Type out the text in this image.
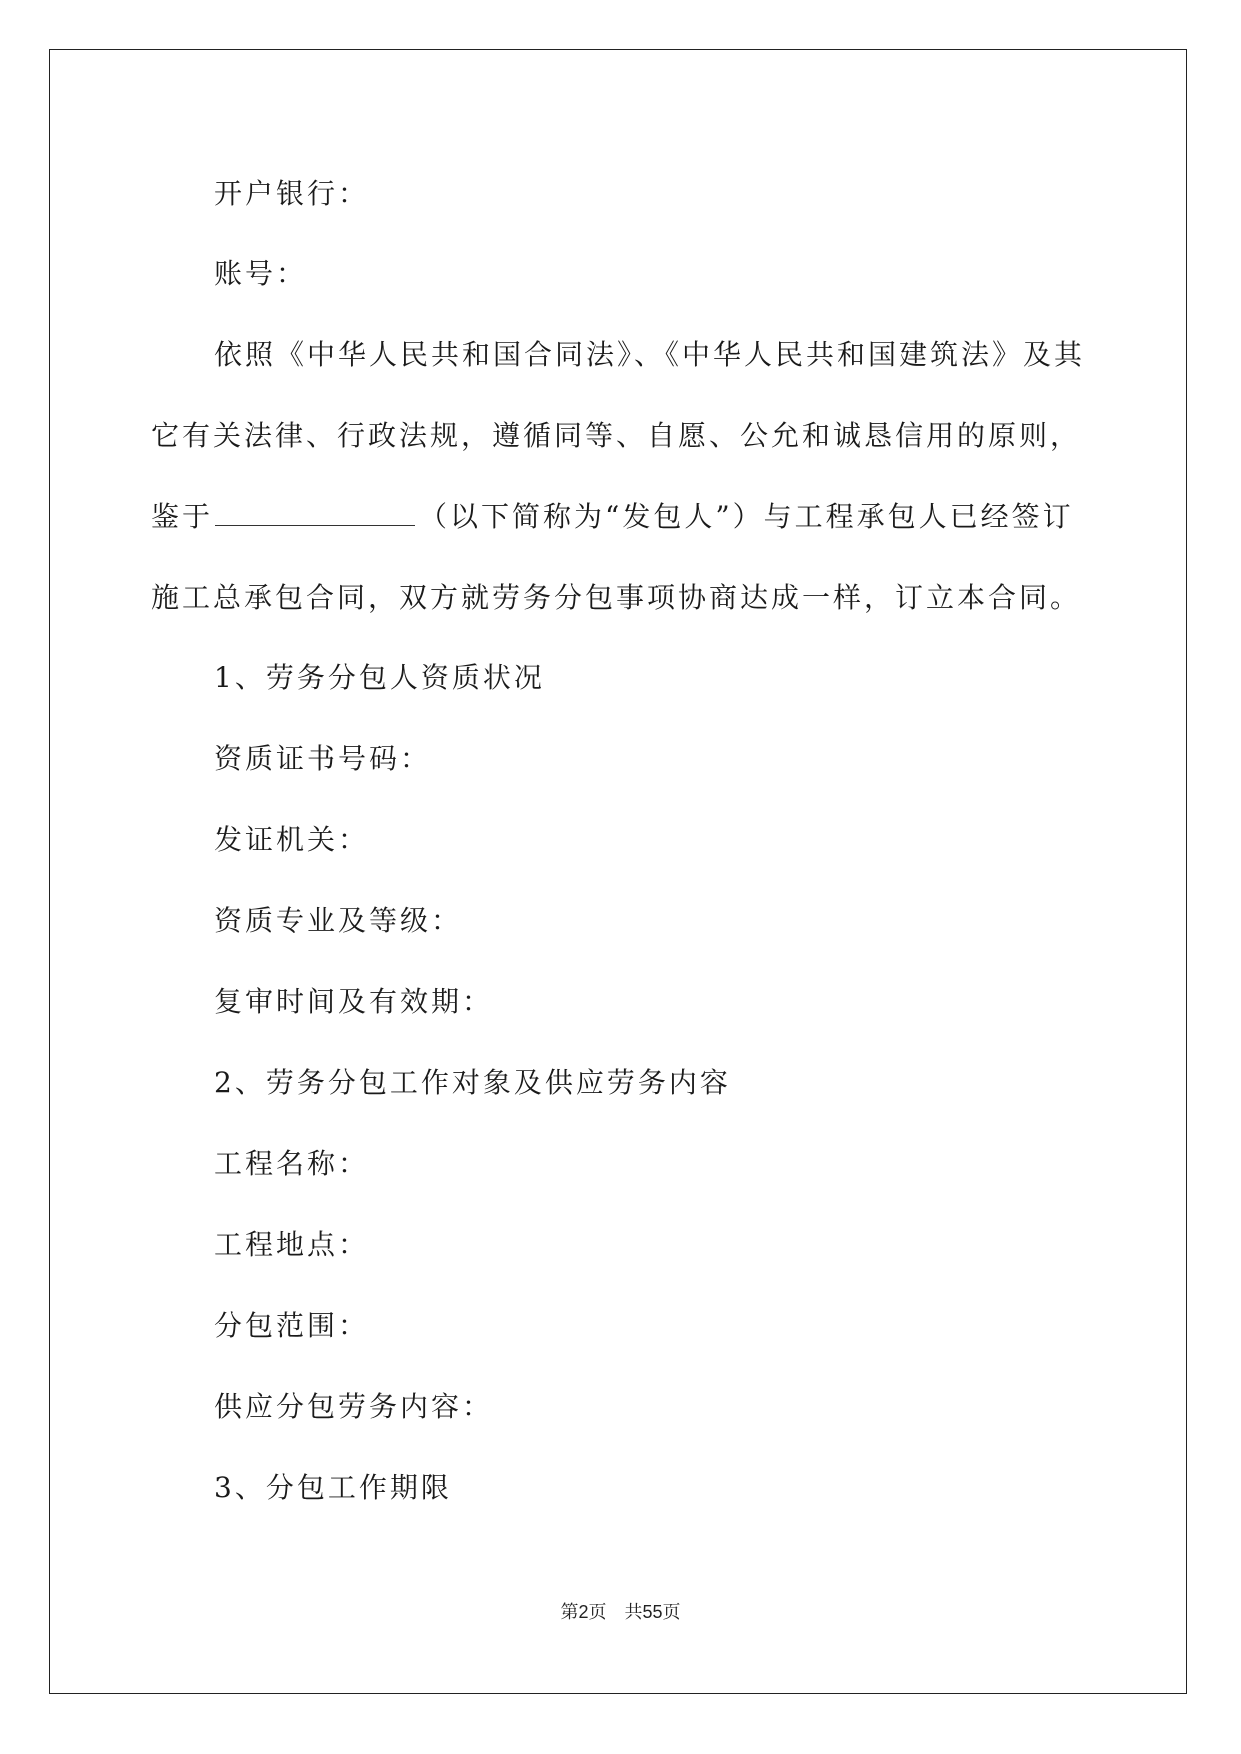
开户银行：
账号：
依照《中华人民共和国合同法》、《中华人民共和国建筑法》及其
它有关法律、行政法规，遵循同等、自愿、公允和诚恳信用的原则，
鉴于	（以下简称为“发包人”）与工程承包人已经签订
施工总承包合同，双方就劳务分包事项协商达成一样，订立本合同。
1、劳务分包人资质状况
资质证书号码：
发证机关：
资质专业及等级：
复审时间及有效期：
2、劳务分包工作对象及供应劳务内容
工程名称：
工程地点：
分包范围：
供应分包劳务内容：
3、分包工作期限
第2页　共55页
